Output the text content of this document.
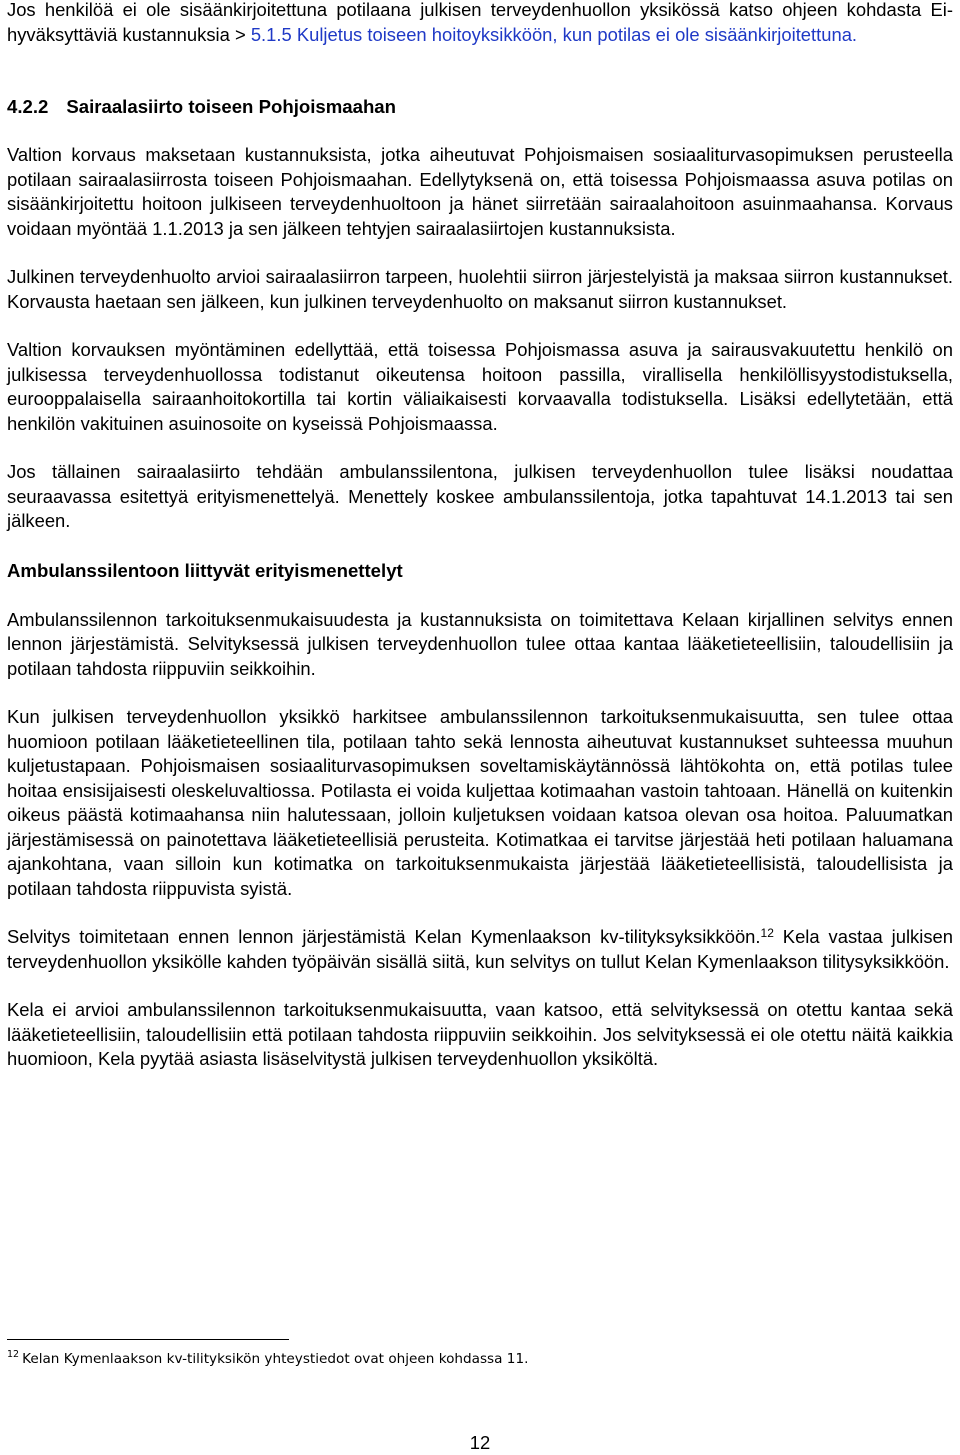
Jos henkilöä ei ole sisäänkirjoitettuna potilaana julkisen terveydenhuollon yksikössä katso ohjeen kohdasta Ei-hyväksyttäviä kustannuksia > 5.1.5 Kuljetus toiseen hoitoyksikköön, kun potilas ei ole sisäänkirjoitettuna.

4.2.2 Sairaalasiirto toiseen Pohjoismaahan

Valtion korvaus maksetaan kustannuksista, jotka aiheutuvat Pohjoismaisen sosiaaliturvasopimuksen perusteella potilaan sairaalasiirrosta toiseen Pohjoismaahan. Edellytyksenä on, että toisessa Pohjoismaassa asuva potilas on sisäänkirjoitettu hoitoon julkiseen terveydenhuoltoon ja hänet siirretään sairaalahoitoon asuinmaahansa. Korvaus voidaan myöntää 1.1.2013 ja sen jälkeen tehtyjen sairaalasiirtojen kustannuksista.

Julkinen terveydenhuolto arvioi sairaalasiirron tarpeen, huolehtii siirron järjestelyistä ja maksaa siirron kustannukset. Korvausta haetaan sen jälkeen, kun julkinen terveydenhuolto on maksanut siirron kustannukset.

Valtion korvauksen myöntäminen edellyttää, että toisessa Pohjoismassa asuva ja sairausvakuutettu henkilö on julkisessa terveydenhuollossa todistanut oikeutensa hoitoon passilla, virallisella henkilöllisyystodistuksella, eurooppalaisella sairaanhoitokortilla tai kortin väliaikaisesti korvaavalla todistuksella. Lisäksi edellytetään, että henkilön vakituinen asuinosoite on kyseissä Pohjoismaassa.

Jos tällainen sairaalasiirto tehdään ambulanssilentona, julkisen terveydenhuollon tulee lisäksi noudattaa seuraavassa esitettyä erityismenettelyä. Menettely koskee ambulanssilentoja, jotka tapahtuvat 14.1.2013 tai sen jälkeen.

Ambulanssilentoon liittyvät erityismenettelyt

Ambulanssilennon tarkoituksenmukaisuudesta ja kustannuksista on toimitettava Kelaan kirjallinen selvitys ennen lennon järjestämistä. Selvityksessä julkisen terveydenhuollon tulee ottaa kantaa lääketieteellisiin, taloudellisiin ja potilaan tahdosta riippuviin seikkoihin.

Kun julkisen terveydenhuollon yksikkö harkitsee ambulanssilennon tarkoituksenmukaisuutta, sen tulee ottaa huomioon potilaan lääketieteellinen tila, potilaan tahto sekä lennosta aiheutuvat kustannukset suhteessa muuhun kuljetustapaan. Pohjoismaisen sosiaaliturvasopimuksen soveltamiskäytännössä lähtökohta on, että potilas tulee hoitaa ensisijaisesti oleskeluvaltiossa. Potilasta ei voida kuljettaa kotimaahan vastoin tahtoaan. Hänellä on kuitenkin oikeus päästä kotimaahansa niin halutessaan, jolloin kuljetuksen voidaan katsoa olevan osa hoitoa. Paluumatkan järjestämisessä on painotettava lääketieteellisiä perusteita. Kotimatkaa ei tarvitse järjestää heti potilaan haluamana ajankohtana, vaan silloin kun kotimatka on tarkoituksenmukaista järjestää lääketieteellisistä, taloudellisista ja potilaan tahdosta riippuvista syistä.

Selvitys toimitetaan ennen lennon järjestämistä Kelan Kymenlaakson kv-tilityksyksikköön.$^{12}$ Kela vastaa julkisen terveydenhuollon yksikölle kahden työpäivän sisällä siitä, kun selvitys on tullut Kelan Kymenlaakson tilitysyksikköön.

Kela ei arvioi ambulanssilennon tarkoituksenmukaisuutta, vaan katsoo, että selvityksessä on otettu kantaa sekä lääketieteellisiin, taloudellisiin että potilaan tahdosta riippuviin seikkoihin. Jos selvityksessä ei ole otettu näitä kaikkia huomioon, Kela pyytää asiasta lisäselvitystä julkisen terveydenhuollon yksiköltä.

$^{12}$ Kelan Kymenlaakson kv-tilityksikön yhteystiedot ovat ohjeen kohdassa 11.

12
